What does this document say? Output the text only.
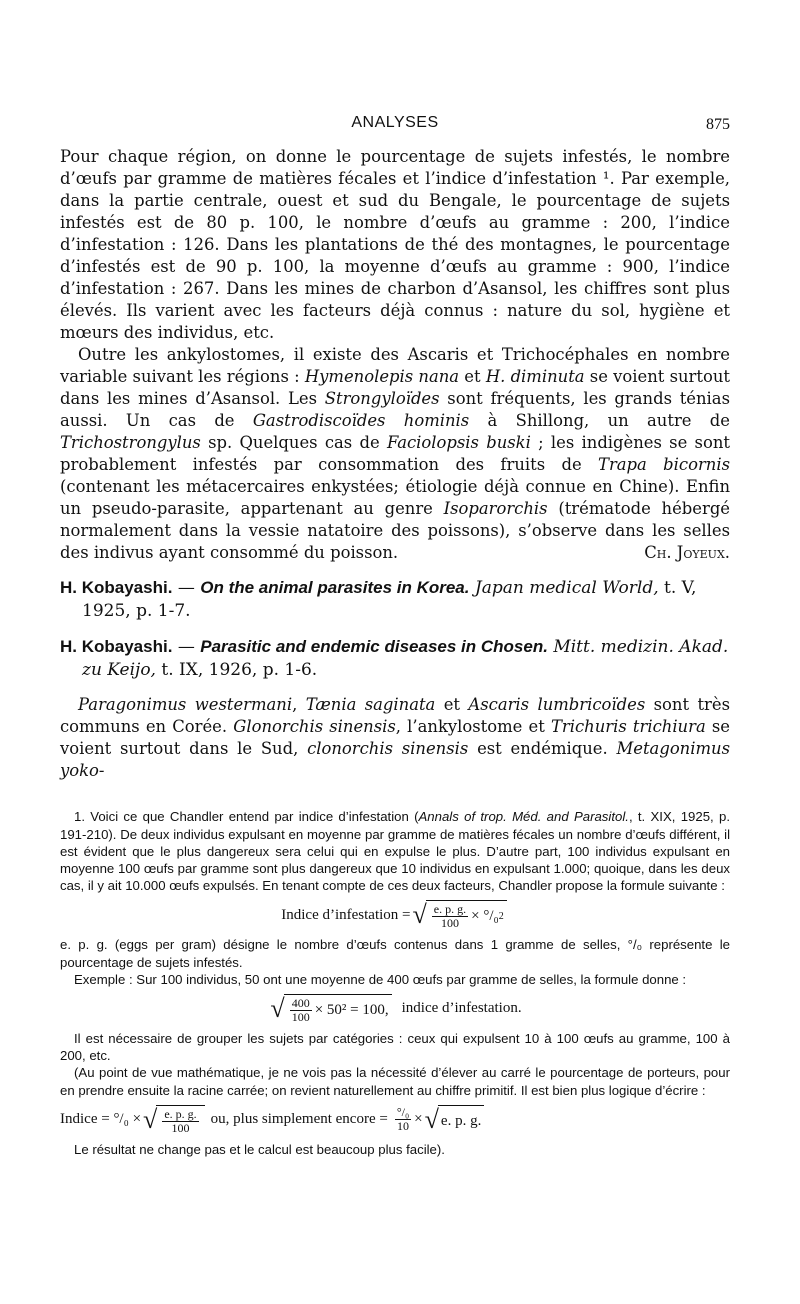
ANALYSES	875

Pour chaque région, on donne le pourcentage de sujets infestés, le nombre d’œufs par gramme de matières fécales et l’indice d’infestation ¹. Par exemple, dans la partie centrale, ouest et sud du Bengale, le pourcentage de sujets infestés est de 80 p. 100, le nombre d’œufs au gramme : 200, l’indice d’infestation : 126. Dans les plantations de thé des montagnes, le pourcentage d’infestés est de 90 p. 100, la moyenne d’œufs au gramme : 900, l’indice d’infestation : 267. Dans les mines de charbon d’Asansol, les chiffres sont plus élevés. Ils varient avec les facteurs déjà connus : nature du sol, hygiène et mœurs des individus, etc.

Outre les ankylostomes, il existe des Ascaris et Trichocéphales en nombre variable suivant les régions : Hymenolepis nana et H. diminuta se voient surtout dans les mines d’Asansol. Les Strongyloïdes sont fréquents, les grands ténias aussi. Un cas de Gastrodiscoïdes hominis à Shillong, un autre de Trichostrongylus sp. Quelques cas de Faciolopsis buski ; les indigènes se sont probablement infestés par consommation des fruits de Trapa bicornis (contenant les métacercaires enkystées; étiologie déjà connue en Chine). Enfin un pseudo-parasite, appartenant au genre Isoparorchis (trématode hébergé normalement dans la vessie natatoire des poissons), s’observe dans les selles des indivus ayant consommé du poisson.	Ch. Joyeux.
H. Kobayashi. — On the animal parasites in Korea. Japan medical World, t. V, 1925, p. 1-7.
H. Kobayashi. — Parasitic and endemic diseases in Chosen. Mitt. medizin. Akad. zu Keijo, t. IX, 1926, p. 1-6.

Paragonimus westermani, Tænia saginata et Ascaris lumbricoïdes sont très communs en Corée. Glonorchis sinensis, l’ankylostome et Trichuris trichiura se voient surtout dans le Sud, clonorchis sinensis est endémique. Metagonimus yoko-

1. Voici ce que Chandler entend par indice d’infestation (Annals of trop. Méd. and Parasitol., t. XIX, 1925, p. 191-210). De deux individus expulsant en moyenne par gramme de matières fécales un nombre d’œufs différent, il est évident que le plus dangereux sera celui qui en expulse le plus. D’autre part, 100 individus expulsant en moyenne 100 œufs par gramme sont plus dangereux que 10 individus en expulsant 1.000; quoique, dans les deux cas, il y ait 10.000 œufs expulsés. En tenant compte de ces deux facteurs, Chandler propose la formule suivante :

Indice d’infestation = √ $\frac{e. p. g.}{100} \times ^\circ/_0$ 2

e. p. g. (eggs per gram) désigne le nombre d’œufs contenus dans 1 gramme de selles, °/₀ représente le pourcentage de sujets infestés.

Exemple : Sur 100 individus, 50 ont une moyenne de 400 œufs par gramme de selles, la formule donne :

√ $\frac{400}{100} \times 50^2 = 100$, indice d’infestation.

Il est nécessaire de grouper les sujets par catégories : ceux qui expulsent 10 à 100 œufs au gramme, 100 à 200, etc.

(Au point de vue mathématique, je ne vois pas la nécessité d’élever au carré le pourcentage de porteurs, pour en prendre ensuite la racine carrée; on revient naturellement au chiffre primitif. Il est bien plus logique d’écrire :

Indice = °/₀ × √ $\frac{e. p. g.}{100}$ ou, plus simplement encore = $\frac{\text{°/₀}}{10}$ × √ e. p. g.

Le résultat ne change pas et le calcul est beaucoup plus facile).
